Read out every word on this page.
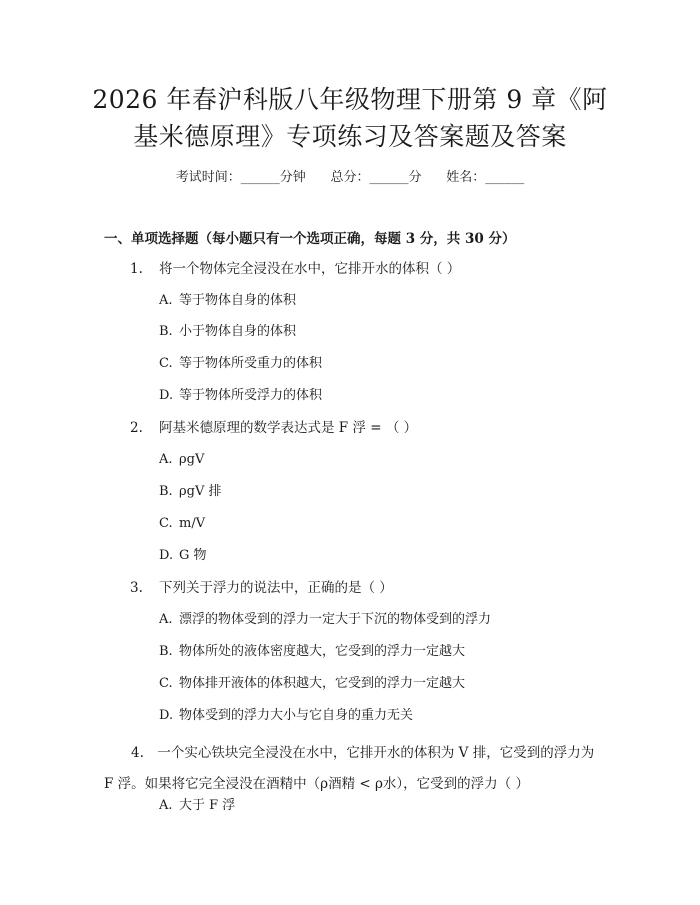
2026 年春沪科版八年级物理下册第 9 章《阿
基米德原理》专项练习及答案题及答案
考试时间：______分钟      总分：______分      姓名：______
一、单项选择题（每小题只有一个选项正确，每题 3 分，共 30 分）
1. 将一个物体完全浸没在水中，它排开水的体积（ ）
A. 等于物体自身的体积
B. 小于物体自身的体积
C. 等于物体所受重力的体积
D. 等于物体所受浮力的体积
2. 阿基米德原理的数学表达式是 F 浮 = （ ）
A. ρgV
B. ρgV 排
C. m/V
D. G 物
3. 下列关于浮力的说法中，正确的是（ ）
A. 漂浮的物体受到的浮力一定大于下沉的物体受到的浮力
B. 物体所处的液体密度越大，它受到的浮力一定越大
C. 物体排开液体的体积越大，它受到的浮力一定越大
D. 物体受到的浮力大小与它自身的重力无关
4.  一个实心铁块完全浸没在水中，它排开水的体积为 V 排，它受到的浮力为 F 浮。如果将它完全浸没在酒精中（ρ酒精 < ρ水），它受到的浮力（ ）
A. 大于 F 浮
